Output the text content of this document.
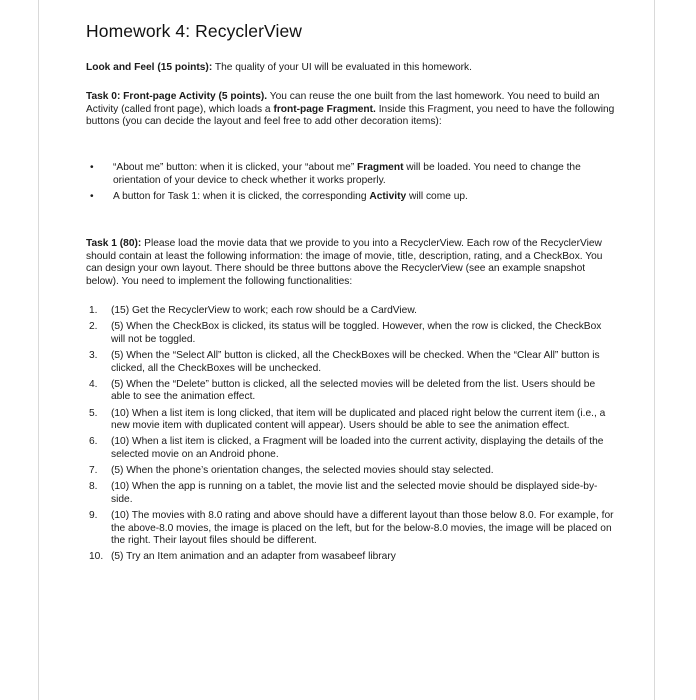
Homework 4: RecyclerView

Look and Feel (15 points): The quality of your UI will be evaluated in this homework.

Task 0: Front-page Activity (5 points). You can reuse the one built from the last homework. You need to build an Activity (called front page), which loads a front-page Fragment. Inside this Fragment, you need to have the following buttons (you can decide the layout and feel free to add other decoration items):

• “About me” button: when it is clicked, your “about me” Fragment will be loaded. You need to change the orientation of your device to check whether it works properly.
• A button for Task 1: when it is clicked, the corresponding Activity will come up.

Task 1 (80): Please load the movie data that we provide to you into a RecyclerView. Each row of the RecyclerView should contain at least the following information: the image of movie, title, description, rating, and a CheckBox. You can design your own layout. There should be three buttons above the RecyclerView (see an example snapshot below). You need to implement the following functionalities:

1. (15) Get the RecyclerView to work; each row should be a CardView.
2. (5) When the CheckBox is clicked, its status will be toggled. However, when the row is clicked, the CheckBox will not be toggled.
3. (5) When the “Select All” button is clicked, all the CheckBoxes will be checked. When the “Clear All” button is clicked, all the CheckBoxes will be unchecked.
4. (5) When the “Delete” button is clicked, all the selected movies will be deleted from the list. Users should be able to see the animation effect.
5. (10) When a list item is long clicked, that item will be duplicated and placed right below the current item (i.e., a new movie item with duplicated content will appear). Users should be able to see the animation effect.
6. (10) When a list item is clicked, a Fragment will be loaded into the current activity, displaying the details of the selected movie on an Android phone.
7. (5) When the phone’s orientation changes, the selected movies should stay selected.
8. (10) When the app is running on a tablet, the movie list and the selected movie should be displayed side-by-side.
9. (10) The movies with 8.0 rating and above should have a different layout than those below 8.0. For example, for the above-8.0 movies, the image is placed on the left, but for the below-8.0 movies, the image will be placed on the right. Their layout files should be different.
10. (5) Try an Item animation and an adapter from wasabeef library
